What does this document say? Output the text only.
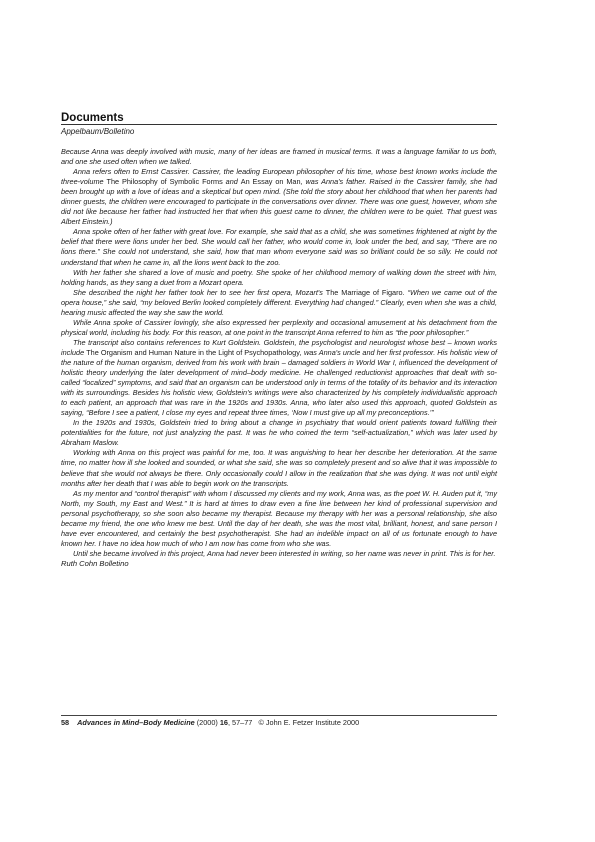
Documents
Appelbaum/Bolletino

Because Anna was deeply involved with music, many of her ideas are framed in musical terms. It was a language familiar to us both, and one she used often when we talked.

Anna refers often to Ernst Cassirer. Cassirer, the leading European philosopher of his time, whose best known works include the three-volume The Philosophy of Symbolic Forms and An Essay on Man, was Anna's father. Raised in the Cassirer family, she had been brought up with a love of ideas and a skeptical but open mind. (She told the story about her childhood that when her parents had dinner guests, the children were encouraged to participate in the conversations over dinner. There was one guest, however, whom she did not like because her father had instructed her that when this guest came to dinner, the children were to be quiet. That guest was Albert Einstein.)

Anna spoke often of her father with great love. For example, she said that as a child, she was sometimes frightened at night by the belief that there were lions under her bed. She would call her father, who would come in, look under the bed, and say, “There are no lions there.” She could not understand, she said, how that man whom everyone said was so brilliant could be so silly. He could not understand that when he came in, all the lions went back to the zoo.

With her father she shared a love of music and poetry. She spoke of her childhood memory of walking down the street with him, holding hands, as they sang a duet from a Mozart opera.

She described the night her father took her to see her first opera, Mozart's The Marriage of Figaro. “When we came out of the opera house,” she said, “my beloved Berlin looked completely different. Everything had changed.” Clearly, even when she was a child, hearing music affected the way she saw the world.

While Anna spoke of Cassirer lovingly, she also expressed her perplexity and occasional amusement at his detachment from the physical world, including his body. For this reason, at one point in the transcript Anna referred to him as “the poor philosopher.”

The transcript also contains references to Kurt Goldstein. Goldstein, the psychologist and neurologist whose best – known works include The Organism and Human Nature in the Light of Psychopathology, was Anna's uncle and her first professor. His holistic view of the nature of the human organism, derived from his work with brain – damaged soldiers in World War I, influenced the development of holistic theory underlying the later development of mind–body medicine. He challenged reductionist approaches that dealt with so-called “localized” symptoms, and said that an organism can be understood only in terms of the totality of its behavior and its interaction with its surroundings. Besides his holistic view, Goldstein's writings were also characterized by his completely individualistic approach to each patient, an approach that was rare in the 1920s and 1930s. Anna, who later also used this approach, quoted Goldstein as saying, “Before I see a patient, I close my eyes and repeat three times, ‘Now I must give up all my preconceptions.’”

In the 1920s and 1930s, Goldstein tried to bring about a change in psychiatry that would orient patients toward fulfilling their potentialities for the future, not just analyzing the past. It was he who coined the term “self-actualization,” which was later used by Abraham Maslow.

Working with Anna on this project was painful for me, too. It was anguishing to hear her describe her deterioration. At the same time, no matter how ill she looked and sounded, or what she said, she was so completely present and so alive that it was impossible to believe that she would not always be there. Only occasionally could I allow in the realization that she was dying. It was not until eight months after her death that I was able to begin work on the transcripts.

As my mentor and “control therapist” with whom I discussed my clients and my work, Anna was, as the poet W. H. Auden put it, “my North, my South, my East and West.” It is hard at times to draw even a fine line between her kind of professional supervision and personal psychotherapy, so she soon also became my therapist. Because my therapy with her was a personal relationship, she also became my friend, the one who knew me best. Until the day of her death, she was the most vital, brilliant, honest, and sane person I have ever encountered, and certainly the best psychotherapist. She had an indelible impact on all of us fortunate enough to have known her. I have no idea how much of who I am now has come from who she was.

Until she became involved in this project, Anna had never been interested in writing, so her name was never in print. This is for her.

Ruth Cohn Bolletino

58 Advances in Mind–Body Medicine (2000) 16, 57–77 © John E. Fetzer Institute 2000
